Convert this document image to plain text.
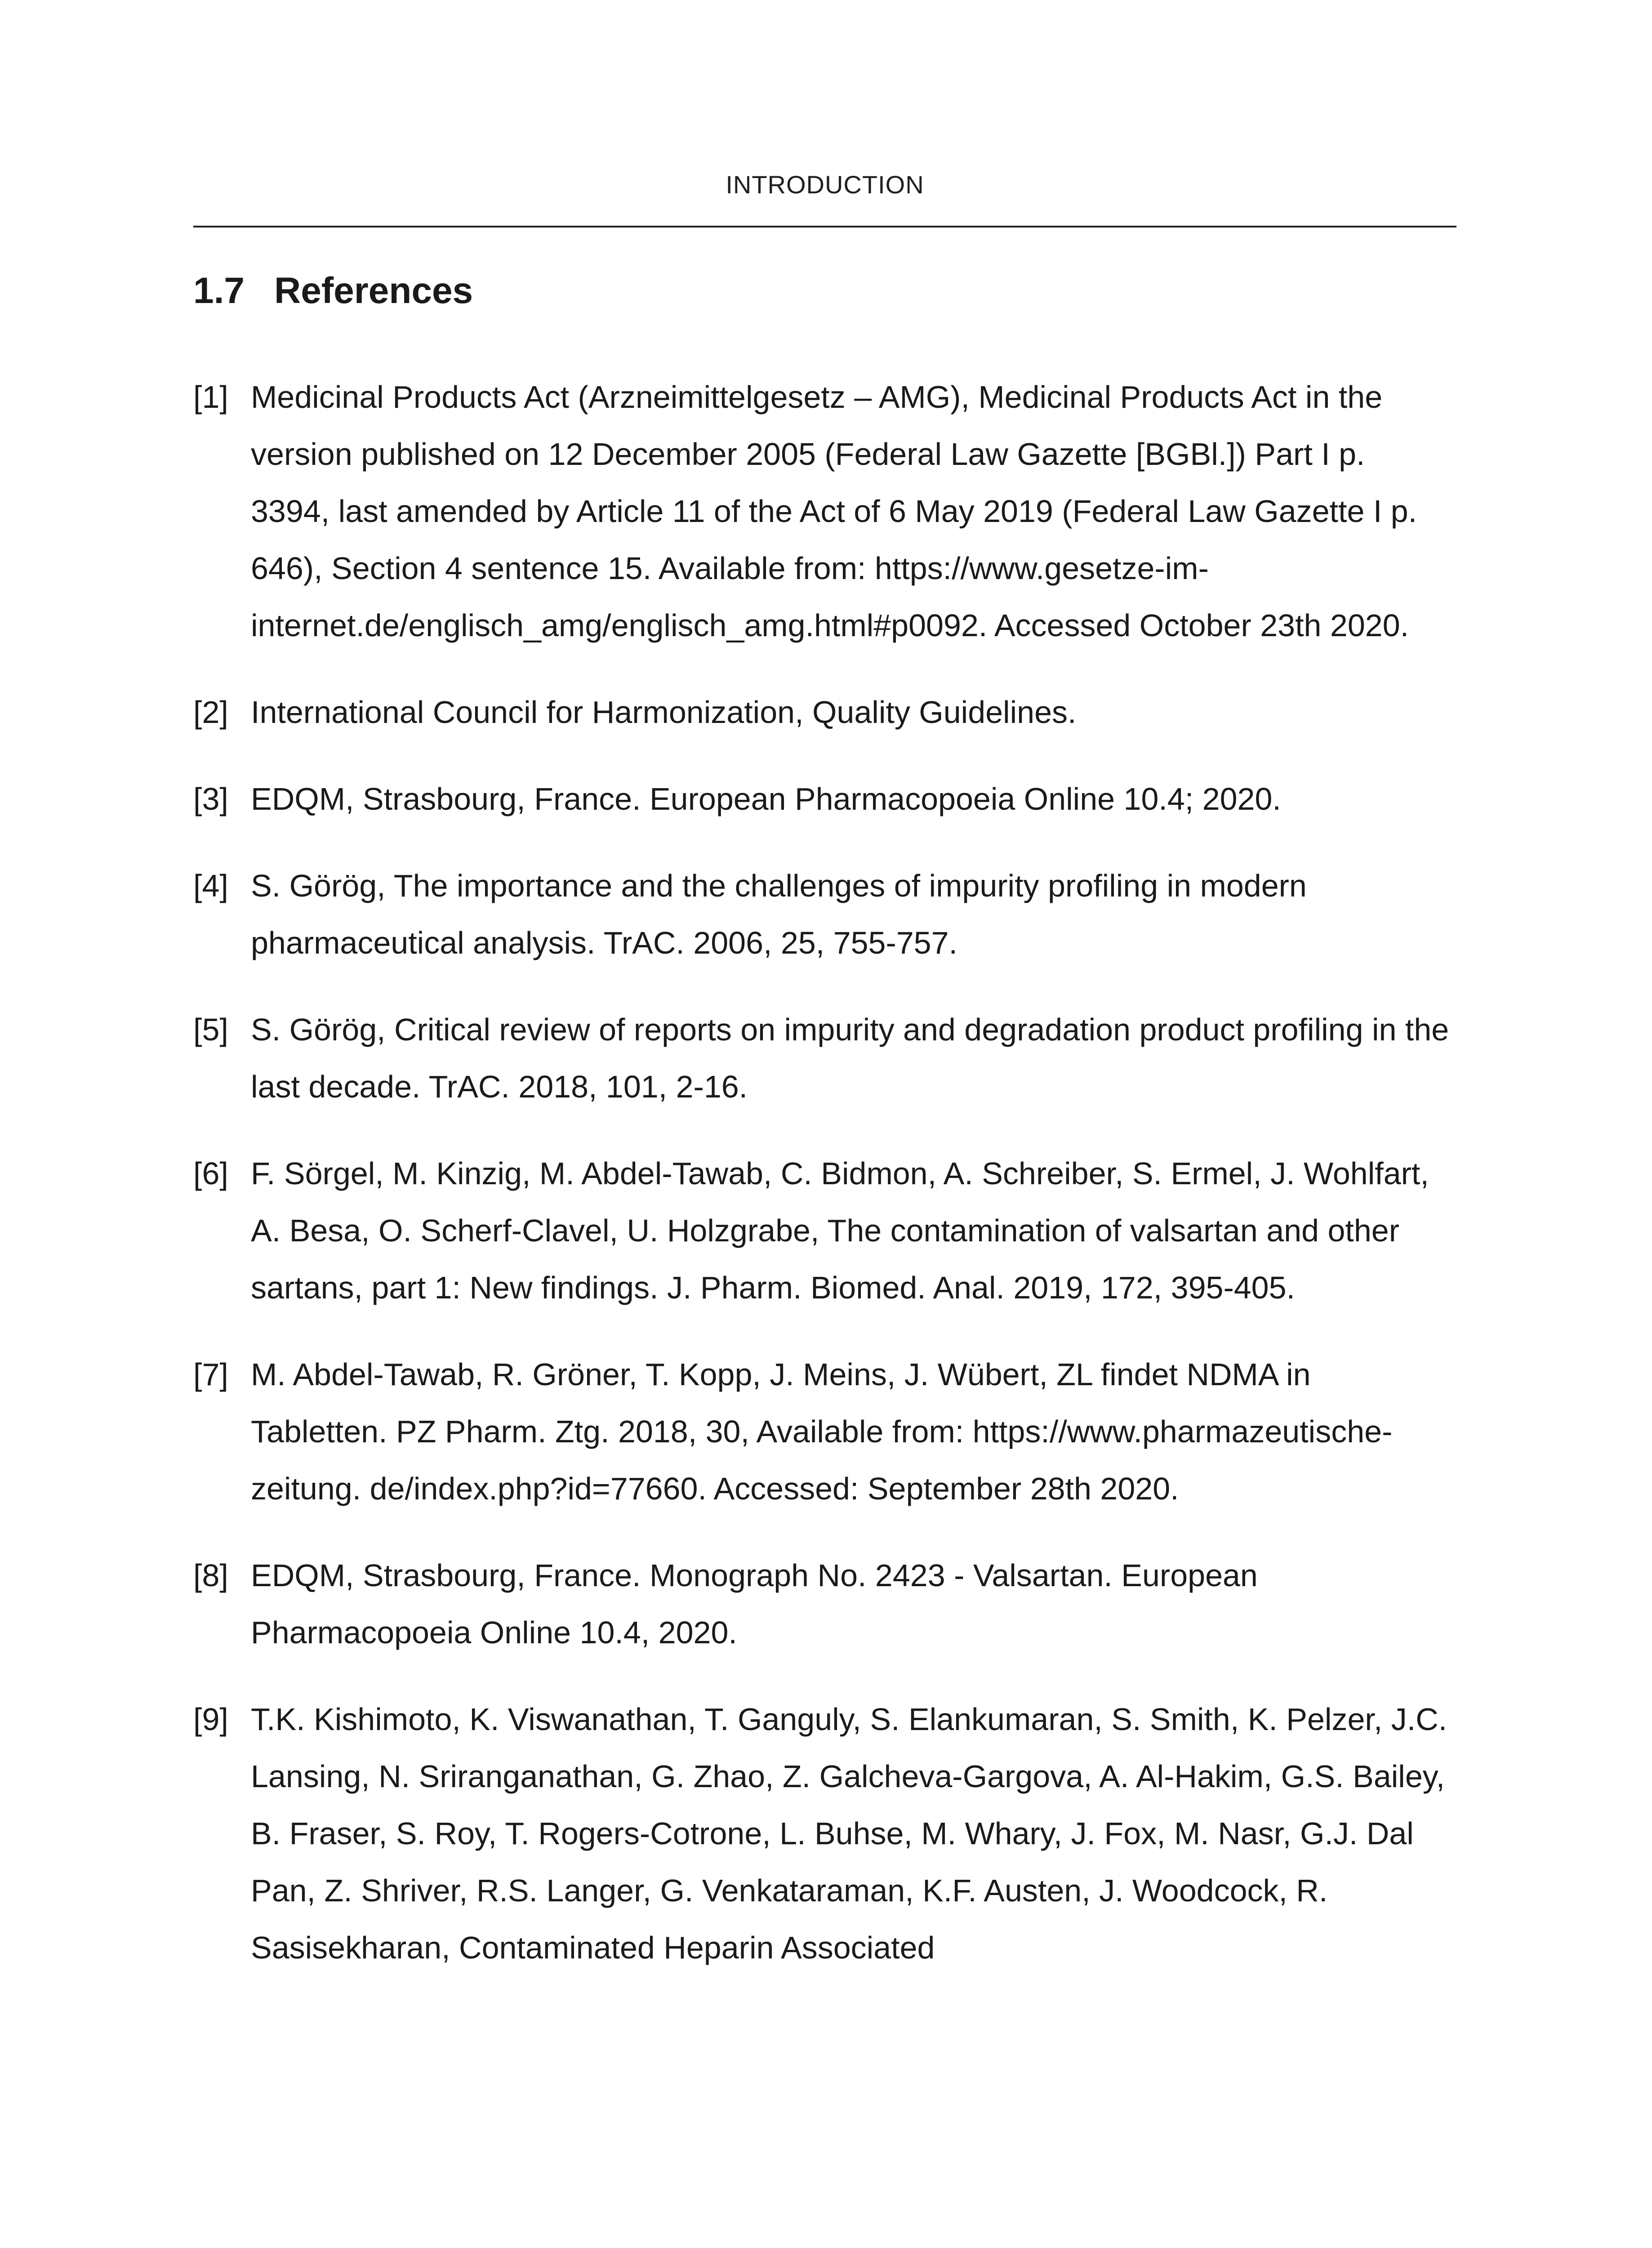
INTRODUCTION
1.7 References
[1] Medicinal Products Act (Arzneimittelgesetz – AMG), Medicinal Products Act in the version published on 12 December 2005 (Federal Law Gazette [BGBl.]) Part I p. 3394, last amended by Article 11 of the Act of 6 May 2019 (Federal Law Gazette I p. 646), Section 4 sentence 15. Available from: https://www.gesetze-im-internet.de/englisch_amg/englisch_amg.html#p0092. Accessed October 23th 2020.
[2] International Council for Harmonization, Quality Guidelines.
[3] EDQM, Strasbourg, France. European Pharmacopoeia Online 10.4; 2020.
[4] S. Görög, The importance and the challenges of impurity profiling in modern pharmaceutical analysis. TrAC. 2006, 25, 755-757.
[5] S. Görög, Critical review of reports on impurity and degradation product profiling in the last decade. TrAC. 2018, 101, 2-16.
[6] F. Sörgel, M. Kinzig, M. Abdel-Tawab, C. Bidmon, A. Schreiber, S. Ermel, J. Wohlfart, A. Besa, O. Scherf-Clavel, U. Holzgrabe, The contamination of valsartan and other sartans, part 1: New findings. J. Pharm. Biomed. Anal. 2019, 172, 395-405.
[7] M. Abdel-Tawab, R. Gröner, T. Kopp, J. Meins, J. Wübert, ZL findet NDMA in Tabletten. PZ Pharm. Ztg. 2018, 30, Available from: https://www.pharmazeutische-zeitung. de/index.php?id=77660. Accessed: September 28th 2020.
[8] EDQM, Strasbourg, France. Monograph No. 2423 - Valsartan. European Pharmacopoeia Online 10.4, 2020.
[9] T.K. Kishimoto, K. Viswanathan, T. Ganguly, S. Elankumaran, S. Smith, K. Pelzer, J.C. Lansing, N. Sriranganathan, G. Zhao, Z. Galcheva-Gargova, A. Al-Hakim, G.S. Bailey, B. Fraser, S. Roy, T. Rogers-Cotrone, L. Buhse, M. Whary, J. Fox, M. Nasr, G.J. Dal Pan, Z. Shriver, R.S. Langer, G. Venkataraman, K.F. Austen, J. Woodcock, R. Sasisekharan, Contaminated Heparin Associated
